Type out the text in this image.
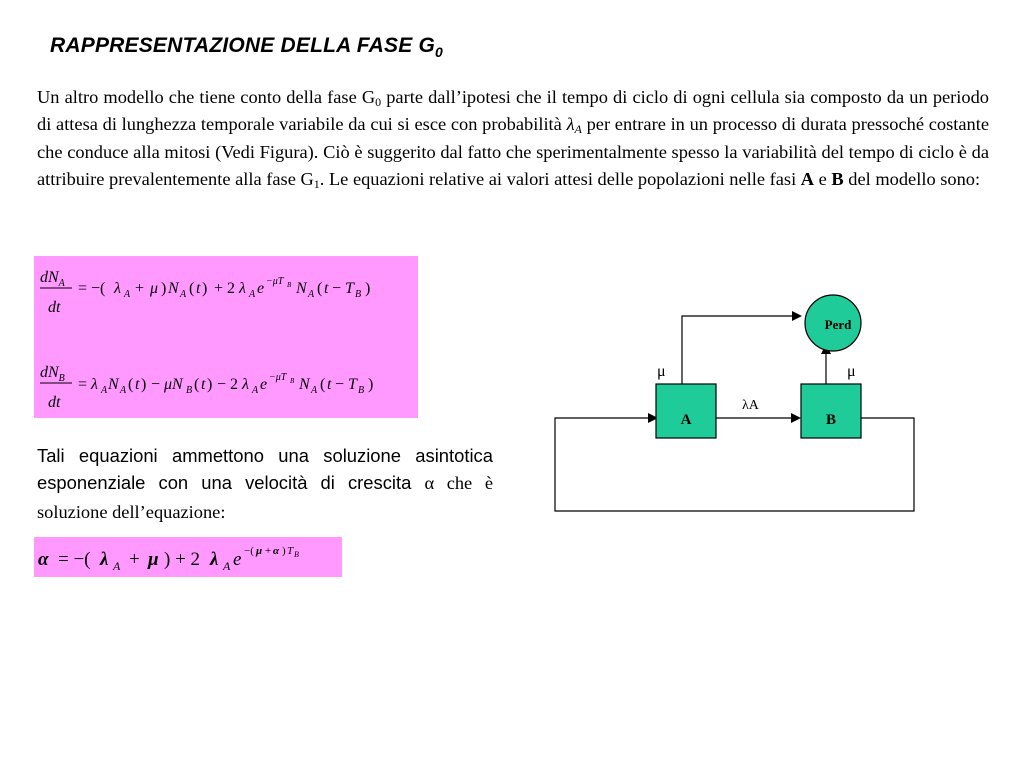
RAPPRESENTAZIONE DELLA FASE $G_0$
Un altro modello che tiene conto della fase $G_0$ parte dall’ipotesi che il tempo di ciclo di ogni cellula sia composto da un periodo di attesa di lunghezza temporale variabile da cui si esce con probabilità $\lambda_A$ per entrare in un processo di durata pressoché costante che conduce alla mitosi (Vedi Figura). Ciò è suggerito dal fatto che sperimentalmente spesso la variabilità del tempo di ciclo è da attribuire prevalentemente alla fase $G_1$. Le equazioni relative ai valori attesi delle popolazioni nelle fasi A e B del modello sono:
$dN_A$
dt
= −( λ A + μ ) N A ( t ) + 2 λ A e −μT B N A ( t − T B )
$dN_B$
dt
= λ A N A ( t ) − μN B ( t ) − 2 λ A e −μT B N A ( t − T B )
Tali equazioni ammettono una soluzione asintotica esponenziale con una velocità di crescita α che è soluzione dell’equazione:
α = −( λ A + μ ) + 2 λ A e −( μ + α ) T B
A	B
Perd
μ	μ
λA
